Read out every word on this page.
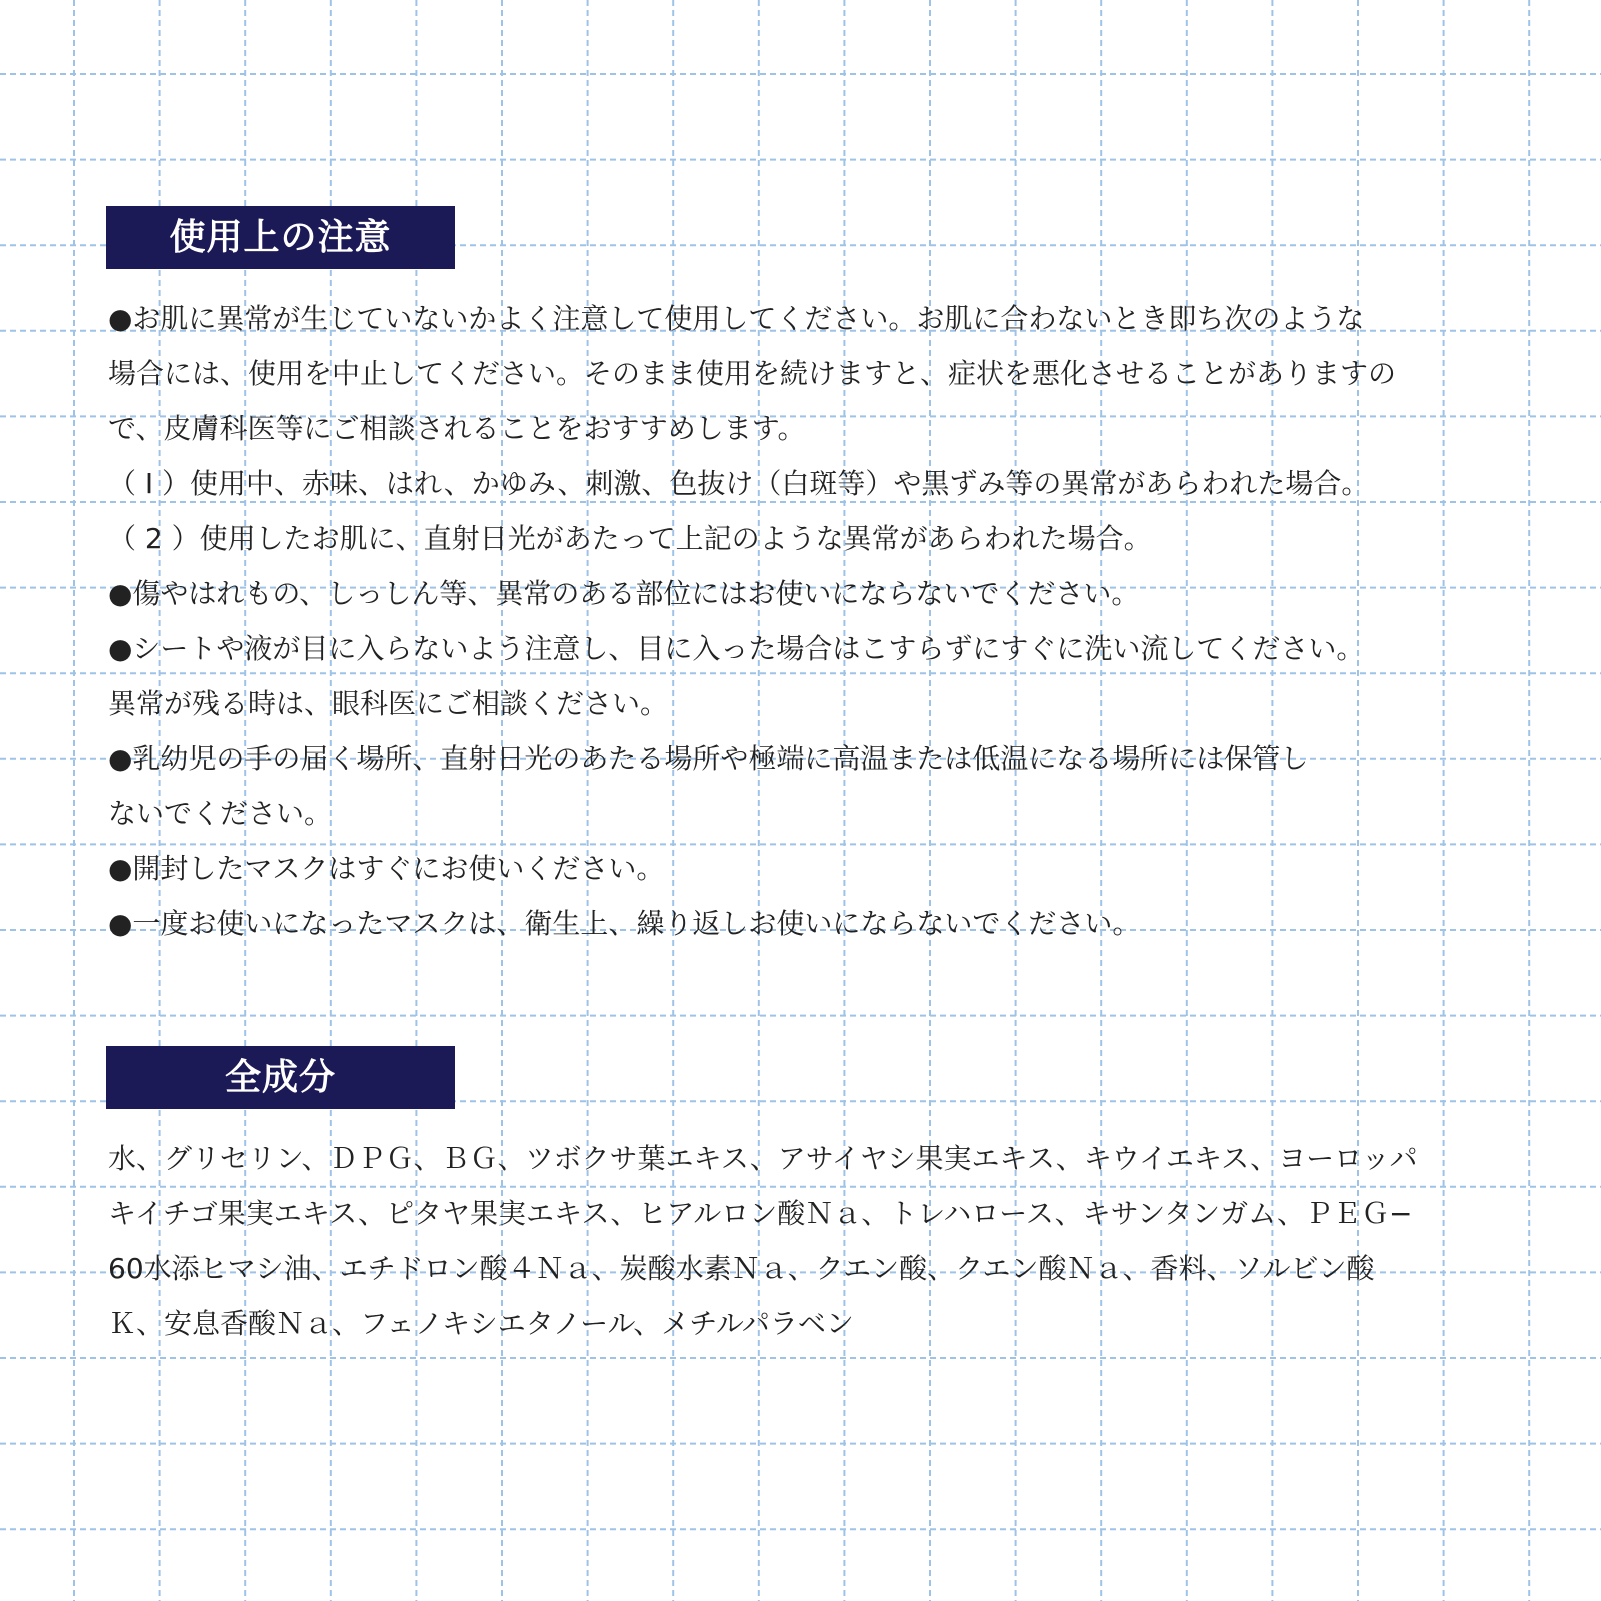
使用上の注意
●お肌に異常が生じていないかよく注意して使用してください。お肌に合わないとき即ち次のような
場合には、使用を中止してください。そのまま使用を続けますと、症状を悪化させることがありますの
で、皮膚科医等にご相談されることをおすすめします。
（ I ）使用中、赤味、はれ、かゆみ、刺激、色抜け（白斑等）や黒ずみ等の異常があらわれた場合。
（ 2 ）使用したお肌に、直射日光があたって上記のような異常があらわれた場合。
●傷やはれもの、しっしん等、異常のある部位にはお使いにならないでください。
●シートや液が目に入らないよう注意し、目に入った場合はこすらずにすぐに洗い流してください。
異常が残る時は、眼科医にご相談ください。
●乳幼児の手の届く場所、直射日光のあたる場所や極端に高温または低温になる場所には保管し
ないでください。
●開封したマスクはすぐにお使いください。
●一度お使いになったマスクは、衛生上、繰り返しお使いにならないでください。
全成分
水、グリセリン、ＤＰＧ、ＢＧ、ツボクサ葉エキス、アサイヤシ果実エキス、キウイエキス、ヨーロッパ
キイチゴ果実エキス、ピタヤ果実エキス、ヒアルロン酸Ｎａ、トレハロース、キサンタンガム、ＰＥＧ−
60水添ヒマシ油、エチドロン酸４Ｎａ、炭酸水素Ｎａ、クエン酸、クエン酸Ｎａ、香料、ソルビン酸
Ｋ、安息香酸Ｎａ、フェノキシエタノール、メチルパラベン
